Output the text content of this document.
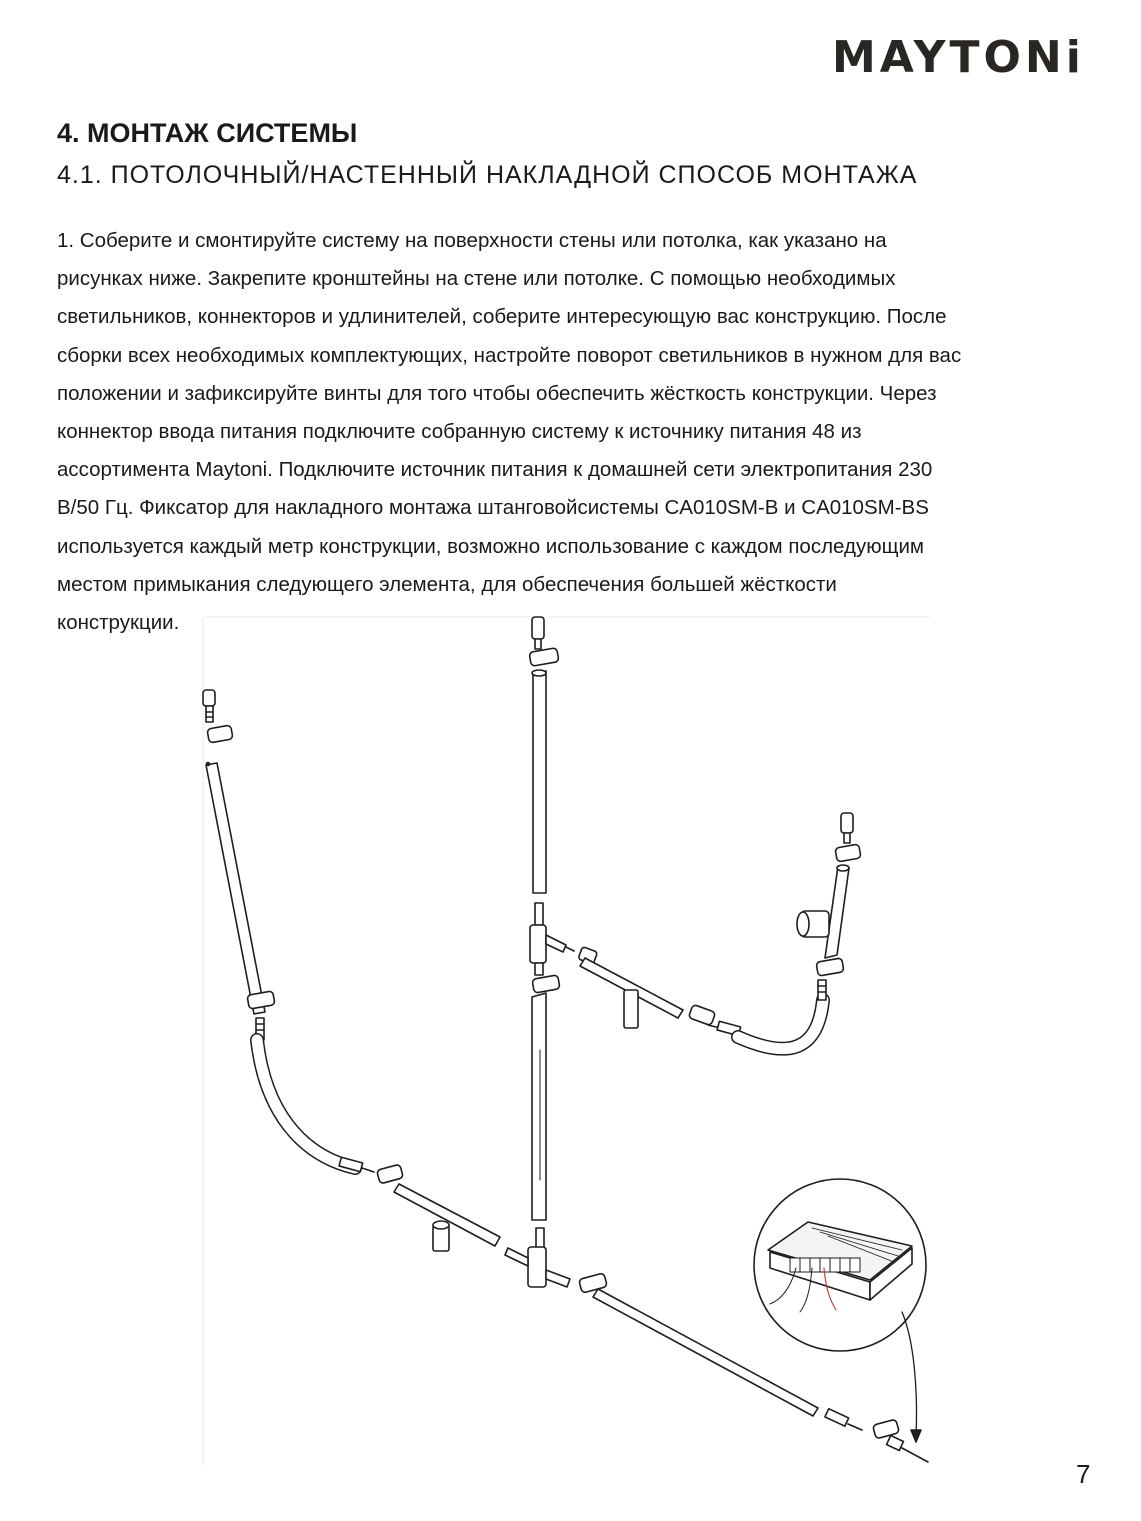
MAYTONi
4. МОНТАЖ СИСТЕМЫ
4.1. ПОТОЛОЧНЫЙ/НАСТЕННЫЙ НАКЛАДНОЙ СПОСОБ МОНТАЖА
1. Соберите и смонтируйте систему на поверхности стены или потолка, как указано на
рисунках ниже. Закрепите кронштейны на стене или потолке. С помощью необходимых
светильников, коннекторов и удлинителей, соберите интересующую вас конструкцию. После
сборки всех необходимых комплектующих, настройте поворот светильников в нужном для вас
положении и зафиксируйте винты для того чтобы обеспечить жёсткость конструкции. Через
коннектор ввода питания подключите собранную систему к источнику питания 48 из
ассортимента Maytoni. Подключите источник питания к домашней сети электропитания 230
В/50 Гц. Фиксатор для накладного монтажа штанговойсистемы CA010SM-B и CA010SM-BS
используется каждый метр конструкции, возможно использование с каждом последующим
местом примыкания следующего элемента, для обеспечения большей жёсткости
конструкции.
7
